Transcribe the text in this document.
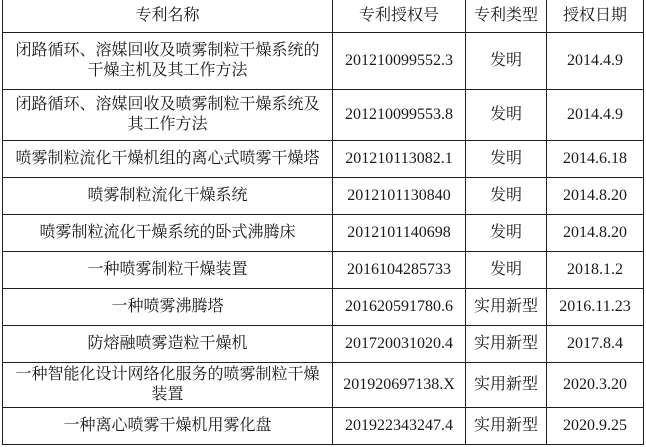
专利名称	专利授权号	专利类型	授权日期
闭路循环、溶媒回收及喷雾制粒干燥系统的干燥主机及其工作方法	201210099552.3	发明	2014.4.9
闭路循环、溶媒回收及喷雾制粒干燥系统及其工作方法	201210099553.8	发明	2014.4.9
喷雾制粒流化干燥机组的离心式喷雾干燥塔	201210113082.1	发明	2014.6.18
喷雾制粒流化干燥系统	2012101130840	发明	2014.8.20
喷雾制粒流化干燥系统的卧式沸腾床	2012101140698	发明	2014.8.20
一种喷雾制粒干燥装置	2016104285733	发明	2018.1.2
一种喷雾沸腾塔	201620591780.6	实用新型	2016.11.23
防熔融喷雾造粒干燥机	201720031020.4	实用新型	2017.8.4
一种智能化设计网络化服务的喷雾制粒干燥装置	201920697138.X	实用新型	2020.3.20
一种离心喷雾干燥机用雾化盘	201922343247.4	实用新型	2020.9.25
